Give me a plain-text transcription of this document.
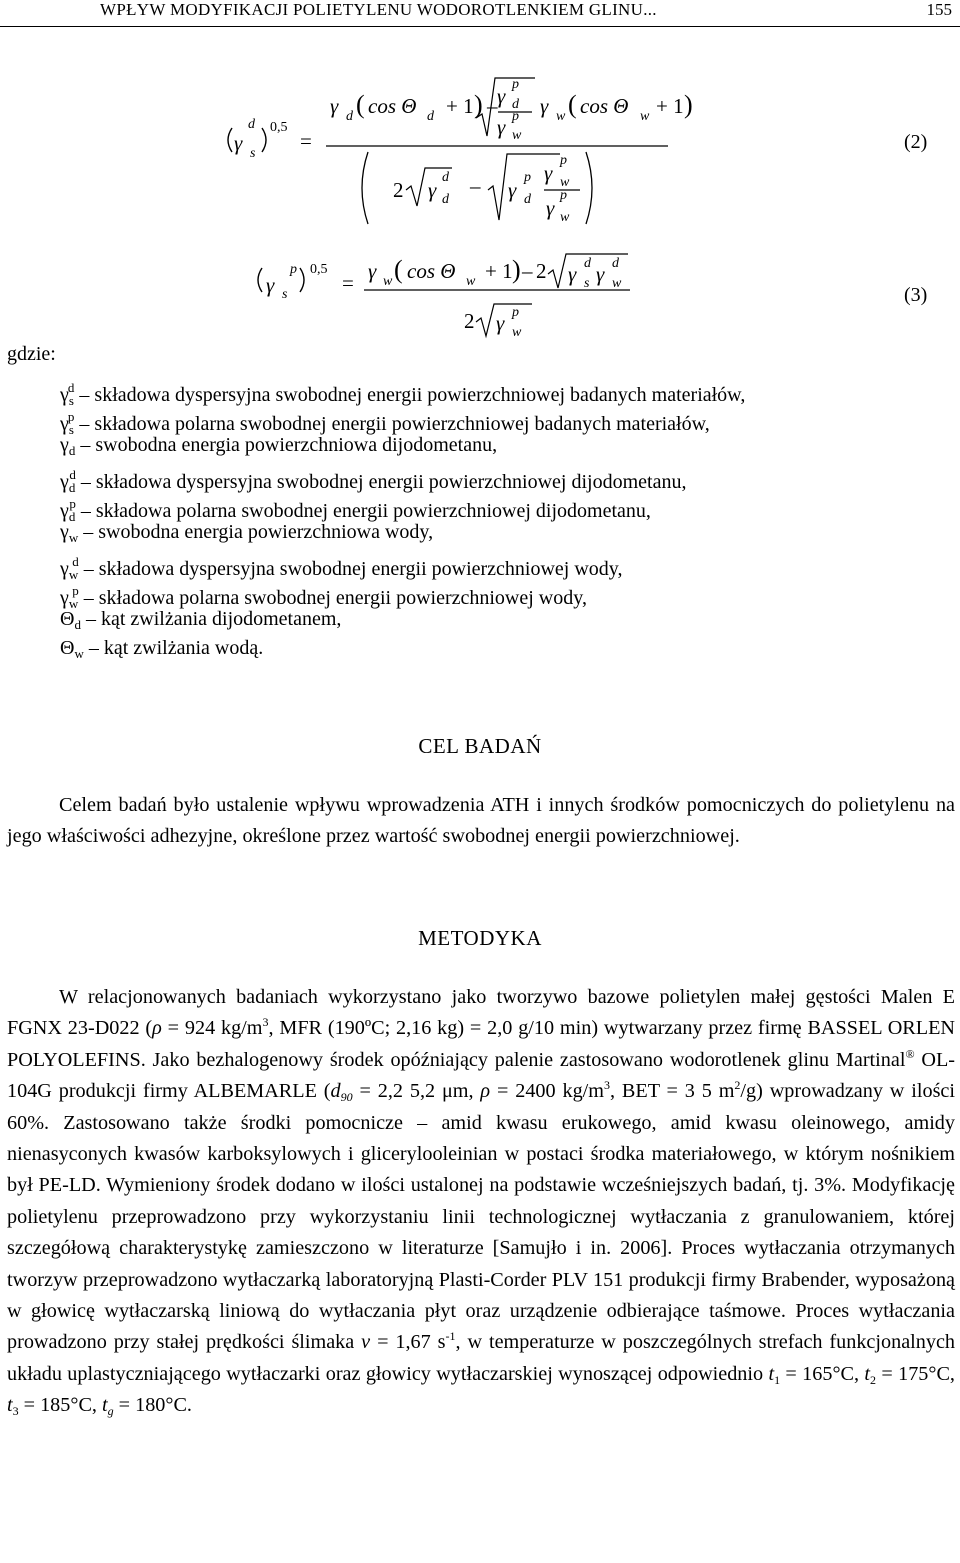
WPŁYW MODYFIKACJI POLIETYLENU WODOROTLENKIEM GLINU...	155
γ
d
s
0,5
=
γ d ( cos Θ d + 1 ) – γ p
d
γ p
w
γ w ( cos Θ w + 1 )
2 γ
d
d
– γ
p
d
γ
p
w
γ
p
w
γ
p
s
0,5
= γ w ( cos Θ w + 1 ) – 2 γ d
s γ d
w
2 γ p
w
(2)
(3)
gdzie:
$\gamma_s^d$ – składowa dyspersyjna swobodnej energii powierzchniowej badanych materiałów,
$\gamma_s^p$ – składowa polarna swobodnej energii powierzchniowej badanych materiałów,
$\gamma_d$ – swobodna energia powierzchniowa dijodometanu,
$\gamma_d^d$ – składowa dyspersyjna swobodnej energii powierzchniowej dijodometanu,
$\gamma_d^p$ – składowa polarna swobodnej energii powierzchniowej dijodometanu,
$\gamma_w$ – swobodna energia powierzchniowa wody,
$\gamma_w^d$ – składowa dyspersyjna swobodnej energii powierzchniowej wody,
$\gamma_w^p$ – składowa polarna swobodnej energii powierzchniowej wody,
$\Theta_d$ – kąt zwilżania dijodometanem,
$\Theta_w$ – kąt zwilżania wodą.
CEL BADAŃ
Celem badań było ustalenie wpływu wprowadzenia ATH i innych środków pomocniczych do polietylenu na jego właściwości adhezyjne, określone przez wartość swobodnej energii powierzchniowej.
METODYKA
W relacjonowanych badaniach wykorzystano jako tworzywo bazowe polietylen małej gęstości Malen E FGNX 23-D022 (ρ = 924 $kg/m^3$, MFR (190ºC; 2,16 kg) = 2,0 g/10 min) wytwarzany przez firmę BASSEL ORLEN POLYOLEFINS. Jako bezhalogenowy środek opóźniający palenie zastosowano wodorotlenek glinu Martinal® OL-104G produkcji firmy ALBEMARLE ($d_{90} = 2,2$ 5,2 μm, ρ = 2400 $kg/m^3$, BET = 3 5 $m^2/g$) wprowadzany w ilości 60%. Zastosowano także środki pomocnicze – amid kwasu erukowego, amid kwasu oleinowego, amidy nienasyconych kwasów karboksylowych i glicerylooleinian w postaci środka materiałowego, w którym nośnikiem był PE-LD. Wymieniony środek dodano w ilości ustalonej na podstawie wcześniejszych badań, tj. 3%. Modyfikację polietylenu przeprowadzono przy wykorzystaniu linii technologicznej wytłaczania z granulowaniem, której szczegółową charakterystykę zamieszczono w literaturze [Samujło i in. 2006]. Proces wytłaczania otrzymanych tworzyw przeprowadzono wytłaczarką laboratoryjną Plasti-Corder PLV 151 produkcji firmy Brabender, wyposażoną w głowicę wytłaczarską liniową do wytłaczania płyt oraz urządzenie odbierające taśmowe. Proces wytłaczania prowadzono przy stałej prędkości ślimaka ν = 1,67 $s^{-1}$, w temperaturze w poszczególnych strefach funkcjonalnych układu uplastyczniającego wytłaczarki oraz głowicy wytłaczarskiej wynoszącej odpowiednio $t_1 = 165^\circ C$, $t_2 = 175^\circ C$, $t_3 = 185^\circ C$, $t_g = 180^\circ C$.
